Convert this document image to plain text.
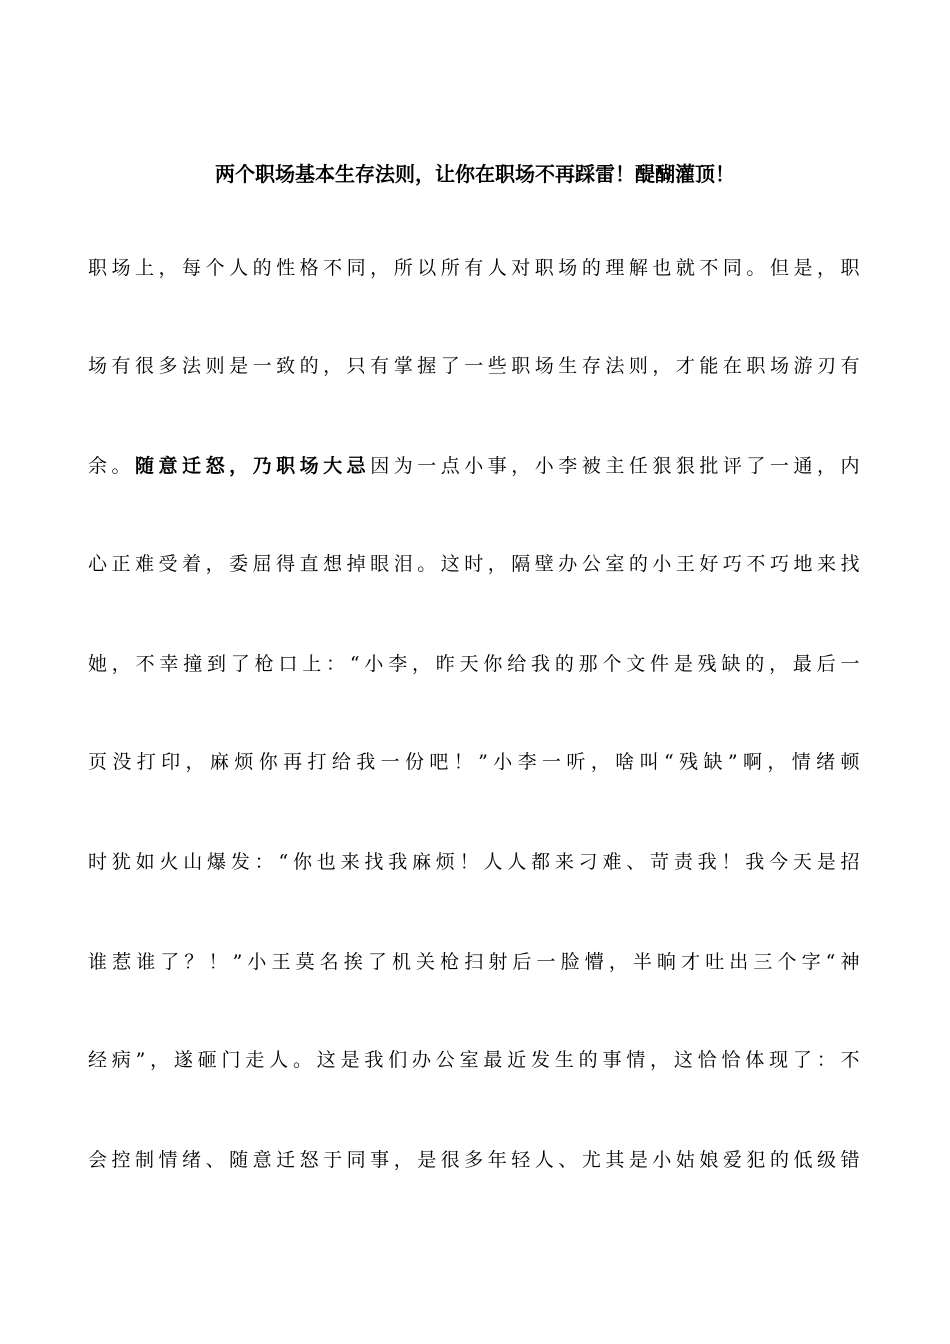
两个职场基本生存法则，让你在职场不再踩雷！醍醐灌顶！
职场上，每个人的性格不同，所以所有人对职场的理解也就不同。但是，职
场有很多法则是一致的，只有掌握了一些职场生存法则，才能在职场游刃有
余。随意迁怒，乃职场大忌因为一点小事，小李被主任狠狠批评了一通，内
心正难受着，委屈得直想掉眼泪。这时，隔壁办公室的小王好巧不巧地来找
她，不幸撞到了枪口上：“小李，昨天你给我的那个文件是残缺的，最后一
页没打印，麻烦你再打给我一份吧！”小李一听，啥叫“残缺”啊，情绪顿
时犹如火山爆发：“你也来找我麻烦！人人都来刁难、苛责我！我今天是招
谁惹谁了？！”小王莫名挨了机关枪扫射后一脸懵，半晌才吐出三个字“神
经病”，遂砸门走人。这是我们办公室最近发生的事情，这恰恰体现了：不
会控制情绪、随意迁怒于同事，是很多年轻人、尤其是小姑娘爱犯的低级错
